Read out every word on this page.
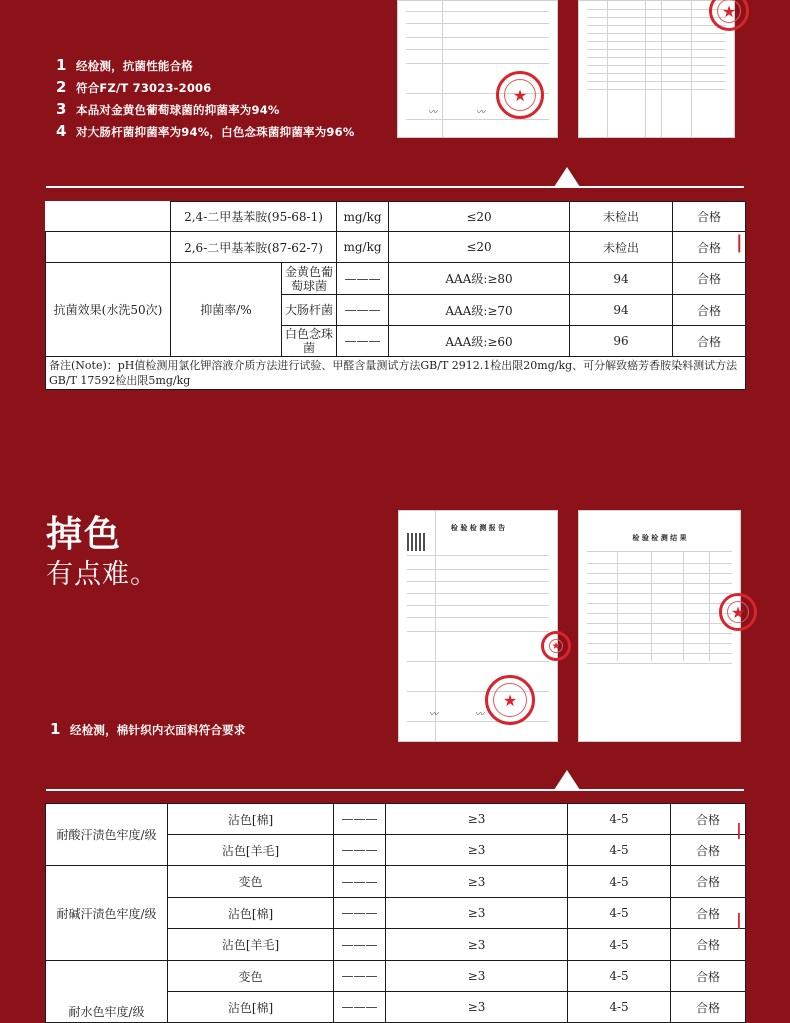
1 经检测，抗菌性能合格
2 符合FZ/T 73023-2006
3 本品对金黄色葡萄球菌的抑菌率为94%
4 对大肠杆菌抑菌率为94%，白色念珠菌抑菌率为96%
★
〰	〰
★
	2,4-二甲基苯胺(95-68-1)		mg/kg	≤20	未检出	合格
	2,6-二甲基苯胺(87-62-7)		mg/kg	≤20	未检出	合格
抗菌效果(水洗50次)	抑菌率/%	金黄色葡萄球菌	———	AAA级:≥80	94	合格
		大肠杆菌	———	AAA级:≥70	94	合格
		白色念珠菌	———	AAA级:≥60	96	合格
备注(Note)：pH值检测用氯化钾溶液介质方法进行试验、甲醛含量测试方法GB/T 2912.1检出限20mg/kg、可分解致癌芳香胺染料测试方法GB/T 17592检出限5mg/kg						
|
掉色
有点难。
1 经检测，棉针织内衣面料符合要求
检 验 检 测 报 告
★
★
〰	〰
检 验 检 测 结 果
★
耐酸汗渍色牢度/级	沾色[棉]	———	≥3	4-5	合格
	沾色[羊毛]	———	≥3	4-5	合格
耐碱汗渍色牢度/级	变色	———	≥3	4-5	合格
	沾色[棉]	———	≥3	4-5	合格
	沾色[羊毛]	———	≥3	4-5	合格
耐水色牢度/级	变色	———	≥3	4-5	合格
	沾色[棉]	———	≥3	4-5	合格
|
|
